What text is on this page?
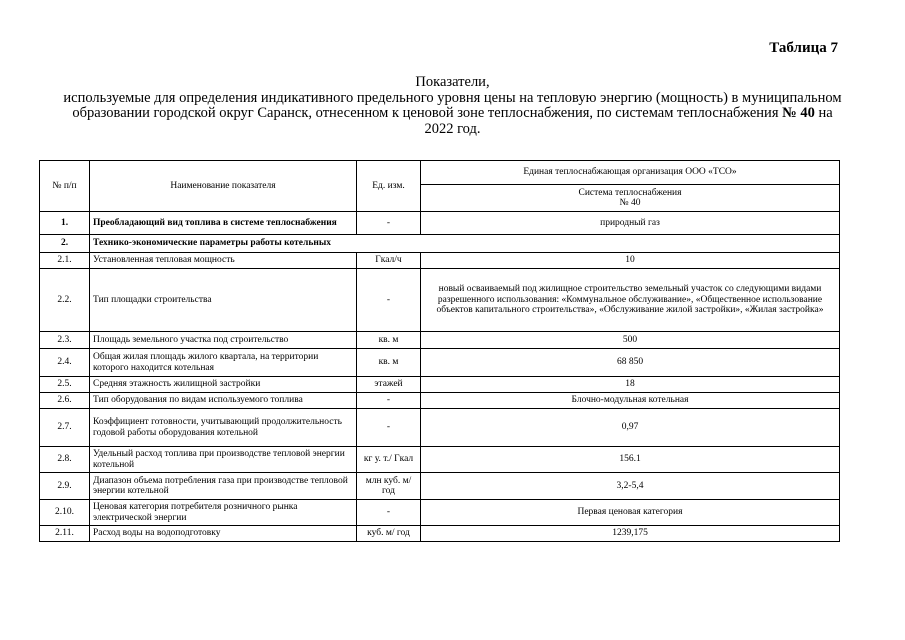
Таблица 7
Показатели,
используемые для определения индикативного предельного уровня цены на тепловую энергию (мощность) в муниципальном образовании городской округ Саранск, отнесенном к ценовой зоне теплоснабжения, по системам теплоснабжения № 40 на 2022 год.
№ п/п	Наименование показателя	Ед. изм.	Единая теплоснабжающая организация ООО «ТСО»

			Система теплоснабжения
№ 40

1.	Преобладающий вид топлива в системе теплоснабжения	-	природный газ
2.	Технико-экономические параметры работы котельных		
2.1.	Установленная тепловая мощность	Гкал/ч	10
2.2.	Тип площадки строительства	-	новый осваиваемый под жилищное строительство земельный участок со следующими видами разрешенного использования: «Коммунальное обслуживание», «Общественное использование объектов капитального строительства», «Обслуживание жилой застройки», «Жилая застройка»
2.3.	Площадь земельного участка под строительство	кв. м	500
2.4.	Общая жилая площадь жилого квартала, на территории которого находится котельная	кв. м	68 850
2.5.	Средняя этажность жилищной застройки	этажей	18
2.6.	Тип оборудования по видам используемого топлива	-	Блочно-модульная котельная
2.7.	Коэффициент готовности, учитывающий продолжительность годовой работы оборудования котельной	-	0,97
2.8.	Удельный расход топлива при производстве тепловой энергии котельной	кг у. т./ Гкал	156.1
2.9.	Диапазон объема потребления газа при производстве тепловой энергии котельной	млн куб. м/год	3,2-5,4
2.10.	Ценовая категория потребителя розничного рынка электрической энергии	-	Первая ценовая категория
2.11.	Расход воды на водоподготовку	куб. м/ год	1239,175
